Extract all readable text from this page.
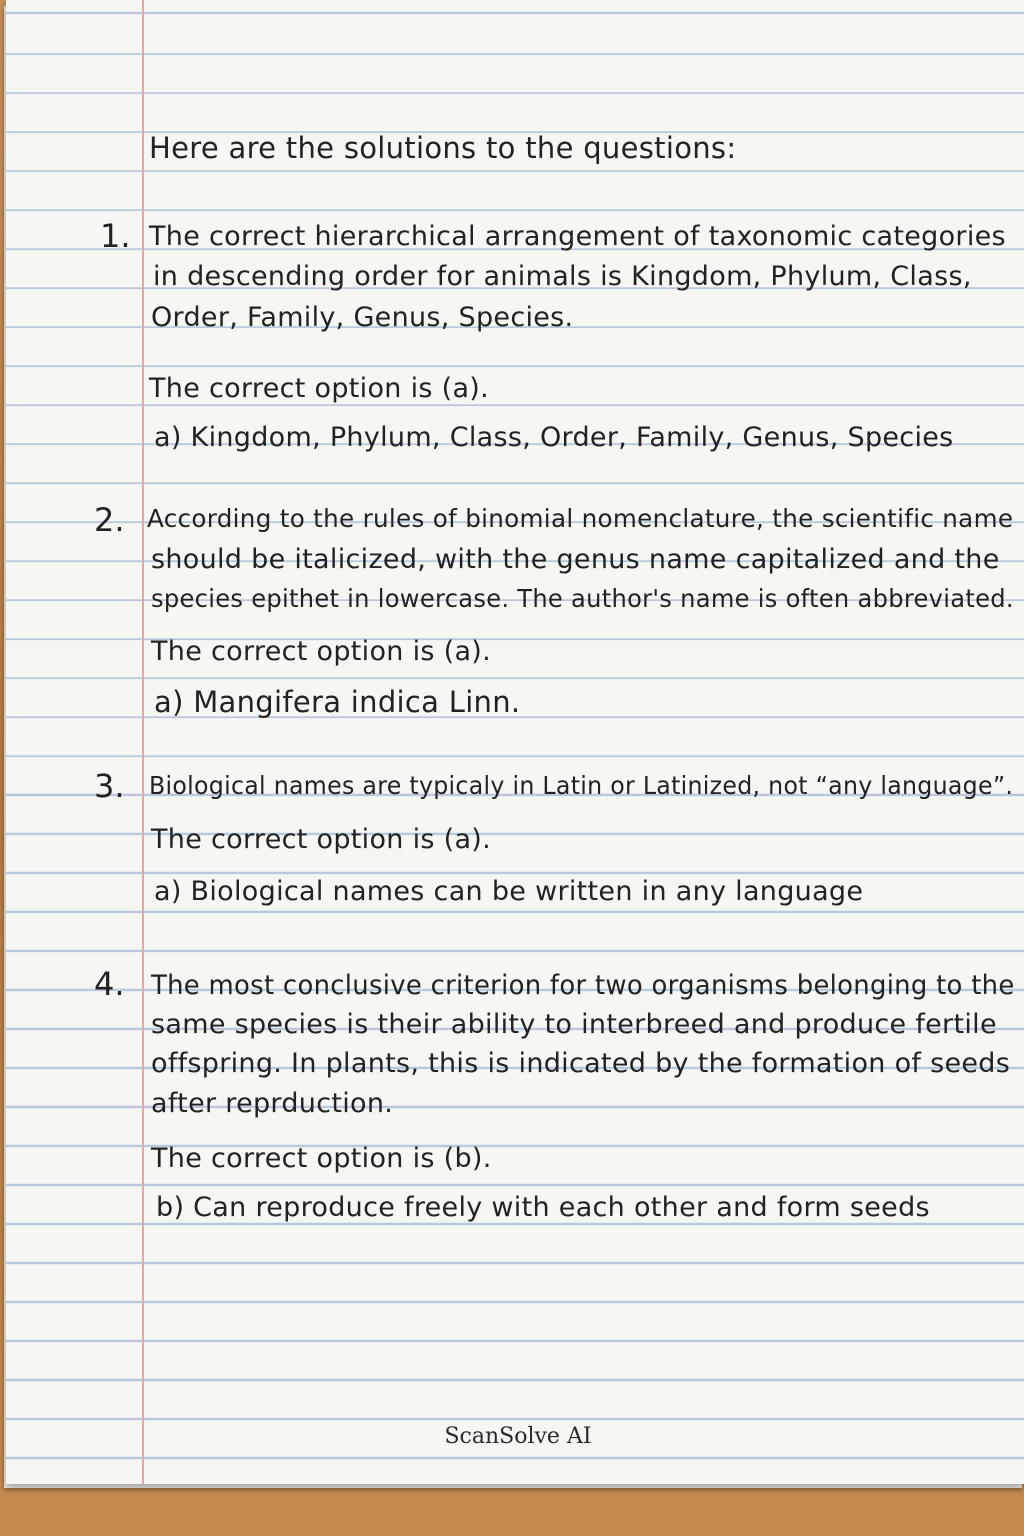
Here are the solutions to the questions:
1. The correct hierarchical arrangement of taxonomic categories
in descending order for animals is Kingdom, Phylum, Class,
Order, Family, Genus, Species.
The correct option is (a).
a) Kingdom, Phylum, Class, Order, Family, Genus, Species
2. According to the rules of binomial nomenclature, the scientific name
should be italicized, with the genus name capitalized and the
species epithet in lowercase. The author's name is often abbreviated.
The correct option is (a).
a) Mangifera indica Linn.
3. Biological names are typicaly in Latin or Latinized, not “any language”.
The correct option is (a).
a) Biological names can be written in any language
4. The most conclusive criterion for two organisms belonging to the
same species is their ability to interbreed and produce fertile
offspring. In plants, this is indicated by the formation of seeds
after reprduction.
The correct option is (b).
b) Can reproduce freely with each other and form seeds
ScanSolve AI
